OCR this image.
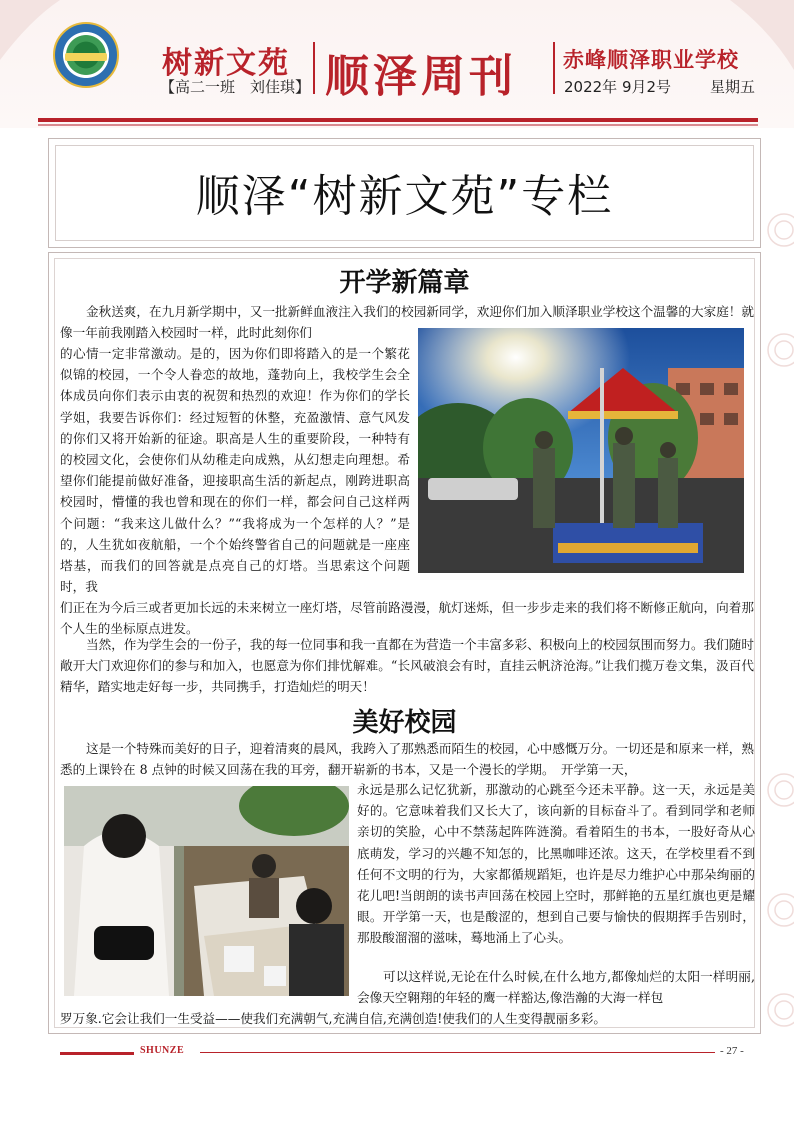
树新文苑
【高二一班　刘佳琪】 顺泽周刊 赤峰顺泽职业学校
2022年 9月2号	星期五
顺泽“树新文苑”专栏
开学新篇章
金秋送爽，在九月新学期中，又一批新鲜血液注入我们的校园新同学，欢迎你们加入顺泽职业学校这个温馨的大家庭！就像一年前我刚踏入校园时一样，此时此刻你们
的心情一定非常激动。是的，因为你们即将踏入的是一个繁花似锦的校园，一个令人眷恋的故地，蓬勃向上，我校学生会全体成员向你们表示由衷的祝贺和热烈的欢迎！作为你们的学长学姐，我要告诉你们：经过短暂的休整，充盈激情、意气风发的你们又将开始新的征途。职高是人生的重要阶段，一种特有的校园文化，会使你们从幼稚走向成熟，从幻想走向理想。希望你们能提前做好准备，迎接职高生活的新起点，刚跨进职高校园时，懵懂的我也曾和现在的你们一样，都会问自己这样两个问题：“我来这儿做什么？”“我将成为一个怎样的人？”是的，人生犹如夜航船，一个个始终警省自己的问题就是一座座塔基，而我们的回答就是点亮自己的灯塔。当思索这个问题时，我
们正在为今后三或者更加长远的未来树立一座灯塔，尽管前路漫漫，航灯迷烁，但一步步走来的我们将不断修正航向，向着那个人生的坐标原点进发。
当然，作为学生会的一份子，我的每一位同事和我一直都在为营造一个丰富多彩、积极向上的校园氛围而努力。我们随时敞开大门欢迎你们的参与和加入，也愿意为你们排忧解难。“长风破浪会有时，直挂云帆济沧海。”让我们揽万卷文集，汲百代精华，踏实地走好每一步，共同携手，打造灿烂的明天！
美好校园
这是一个特殊而美好的日子，迎着清爽的晨风，我跨入了那熟悉而陌生的校园，心中感慨万分。一切还是和原来一样，熟悉的上课铃在 8 点钟的时候又回荡在我的耳旁，翻开崭新的书本，又是一个漫长的学期。　开学第一天，
永远是那么记忆犹新，那激动的心跳至今还未平静。这一天，永远是美好的。它意味着我们又长大了，该向新的目标奋斗了。看到同学和老师亲切的笑脸，心中不禁荡起阵阵涟漪。看着陌生的书本，一股好奇从心底萌发，学习的兴趣不知怎的，比黑咖啡还浓。这天，在学校里看不到任何不文明的行为，大家都循规蹈矩，也许是尽力维护心中那朵绚丽的花儿吧!当朗朗的读书声回荡在校园上空时，那鲜艳的五星红旗也更是耀眼。开学第一天，也是酸涩的，想到自己要与愉快的假期挥手告别时，那股酸溜溜的滋味，蓦地涌上了心头。
可以这样说,无论在什么时候,在什么地方,都像灿烂的太阳一样明丽,会像天空翱翔的年轻的鹰一样豁达,像浩瀚的大海一样包
罗万象.它会让我们一生受益——使我们充满朝气,充满自信,充满创造!使我们的人生变得靓丽多彩。
SHUNZE	- 27 -
